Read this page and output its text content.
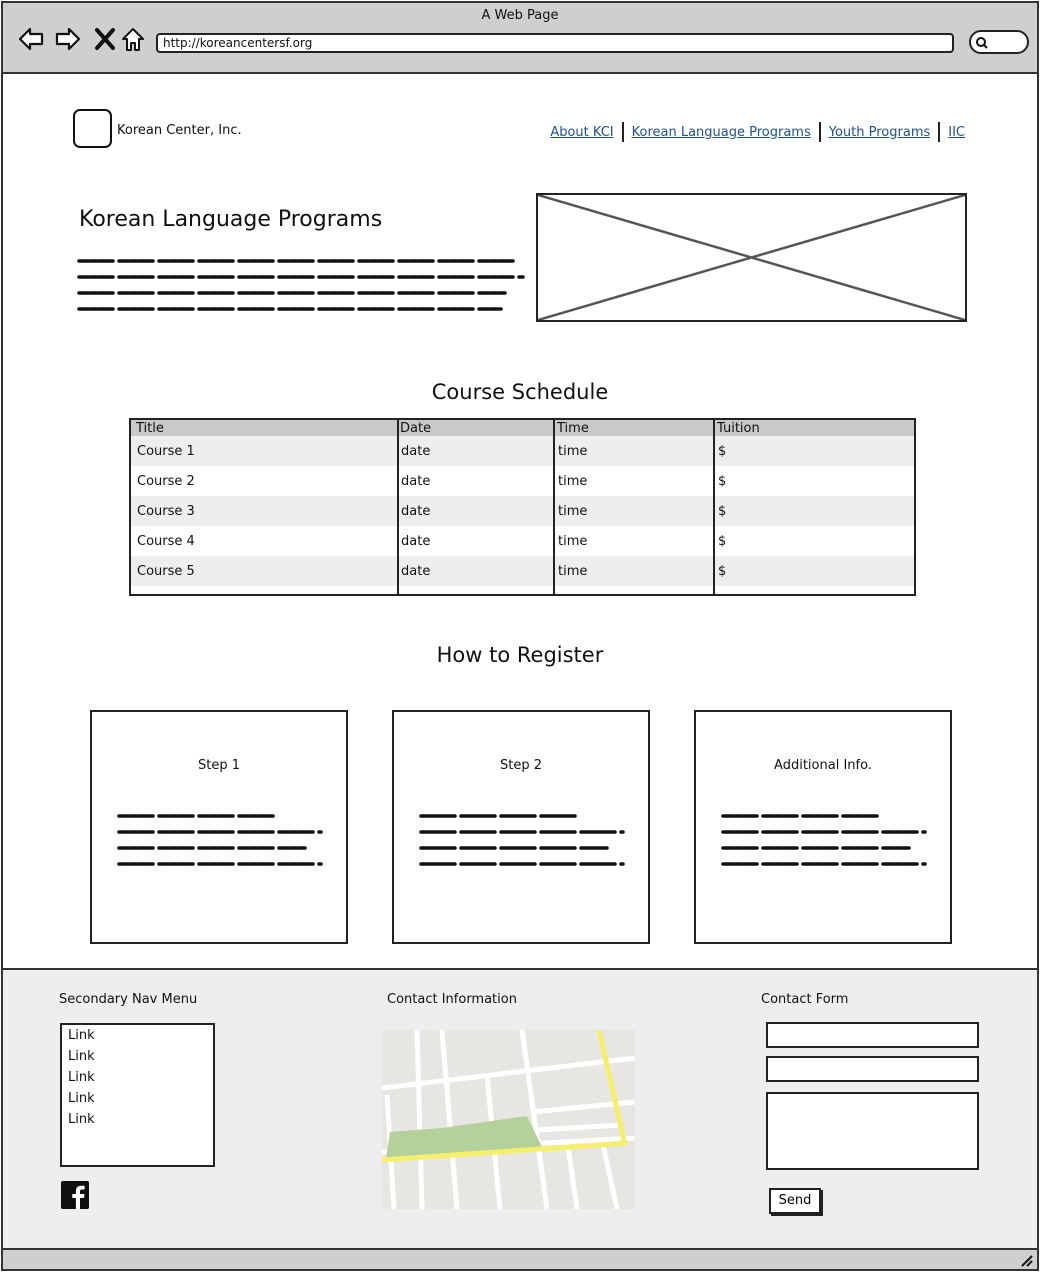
A Web Page
http://koreancentersf.org
Korean Center, Inc.	About KCI Korean Language Programs Youth Programs IIC
Korean Language Programs
Course Schedule
Title	Date	Time	Tuition
Course 1	date	time	$
Course 2	date	time	$
Course 3	date	time	$
Course 4	date	time	$
Course 5	date	time	$
How to Register
Step 1	Step 2	Additional Info.
Secondary Nav Menu
Link
Link
Link
Link
Link
Contact Information	Contact Form
Send
